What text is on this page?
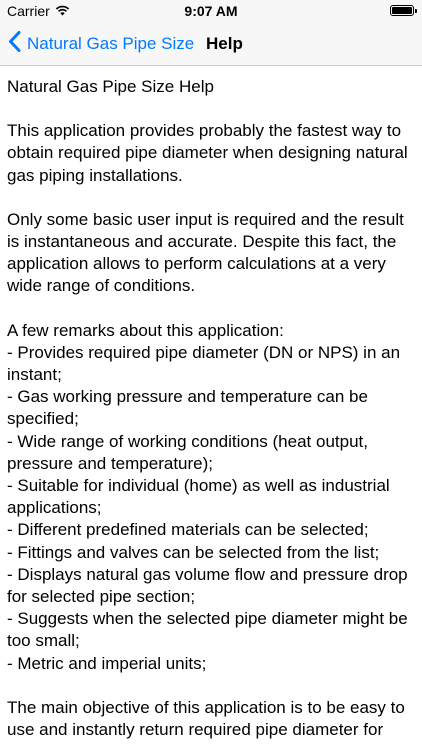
Carrier	9:07 AM
Natural Gas Pipe Size Help

Natural Gas Pipe Size Help

This application provides probably the fastest way to obtain required pipe diameter when designing natural gas piping installations.

Only some basic user input is required and the result is instantaneous and accurate. Despite this fact, the application allows to perform calculations at a very wide range of conditions.

A few remarks about this application:
- Provides required pipe diameter (DN or NPS) in an instant;
- Gas working pressure and temperature can be specified;
- Wide range of working conditions (heat output, pressure and temperature);
- Suitable for individual (home) as well as industrial applications;
- Different predefined materials can be selected;
- Fittings and valves can be selected from the list;
- Displays natural gas volume flow and pressure drop for selected pipe section;
- Suggests when the selected pipe diameter might be too small;
- Metric and imperial units;

The main objective of this application is to be easy to use and instantly return required pipe diameter for
